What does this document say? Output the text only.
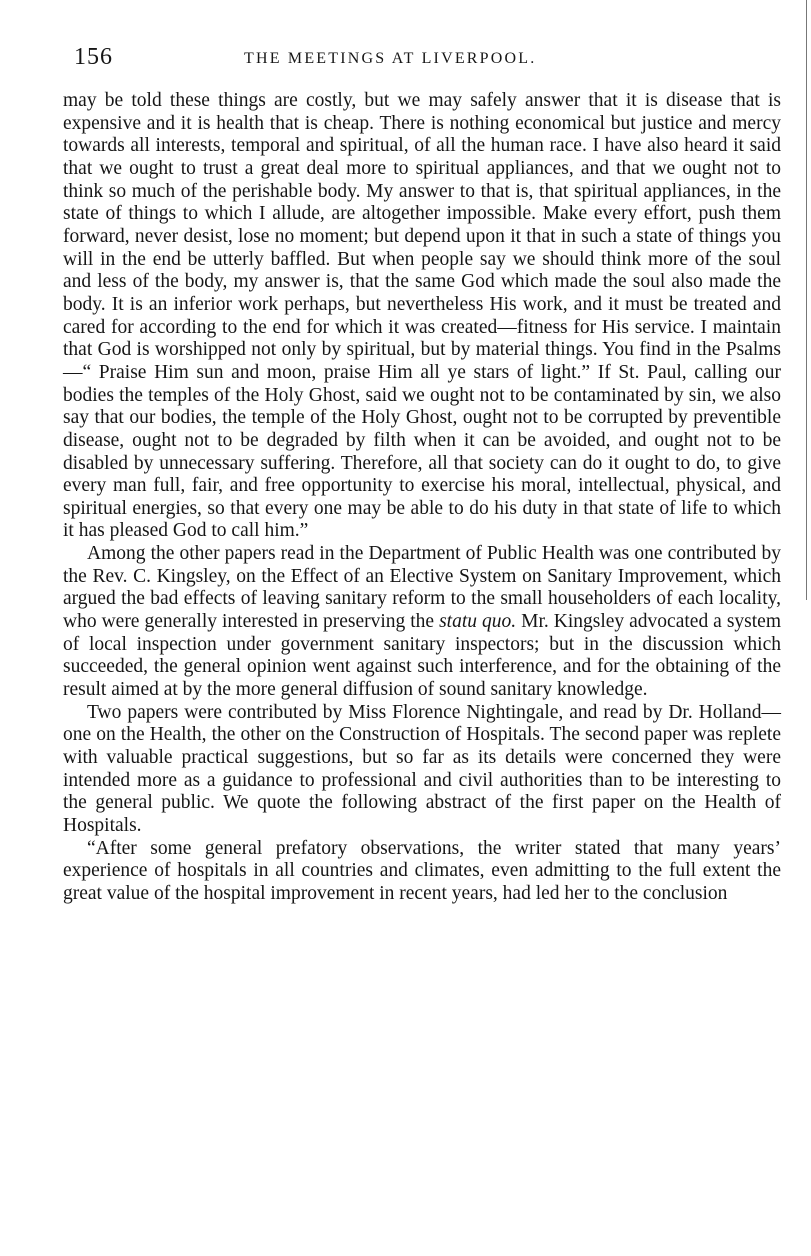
156	THE MEETINGS AT LIVERPOOL.

may be told these things are costly, but we may safely answer that it is disease that is expensive and it is health that is cheap. There is nothing economical but justice and mercy towards all interests, temporal and spiritual, of all the human race. I have also heard it said that we ought to trust a great deal more to spiritual appliances, and that we ought not to think so much of the perishable body. My answer to that is, that spiritual appliances, in the state of things to which I allude, are altogether impossible. Make every effort, push them forward, never desist, lose no moment; but depend upon it that in such a state of things you will in the end be utterly baffled. But when people say we should think more of the soul and less of the body, my answer is, that the same God which made the soul also made the body. It is an inferior work perhaps, but nevertheless His work, and it must be treated and cared for according to the end for which it was created—fitness for His service. I maintain that God is worshipped not only by spiritual, but by material things. You find in the Psalms—“ Praise Him sun and moon, praise Him all ye stars of light.” If St. Paul, calling our bodies the temples of the Holy Ghost, said we ought not to be contaminated by sin, we also say that our bodies, the temple of the Holy Ghost, ought not to be corrupted by preventible disease, ought not to be degraded by filth when it can be avoided, and ought not to be disabled by unnecessary suffering. Therefore, all that society can do it ought to do, to give every man full, fair, and free opportunity to exercise his moral, intellectual, physical, and spiritual energies, so that every one may be able to do his duty in that state of life to which it has pleased God to call him.”

Among the other papers read in the Department of Public Health was one contributed by the Rev. C. Kingsley, on the Effect of an Elective System on Sanitary Improvement, which argued the bad effects of leaving sanitary reform to the small householders of each locality, who were generally interested in preserving the statu quo. Mr. Kingsley advocated a system of local inspection under government sanitary inspectors; but in the discussion which succeeded, the general opinion went against such interference, and for the obtaining of the result aimed at by the more general diffusion of sound sanitary knowledge.

Two papers were contributed by Miss Florence Nightingale, and read by Dr. Holland—one on the Health, the other on the Construction of Hospitals. The second paper was replete with valuable practical suggestions, but so far as its details were concerned they were intended more as a guidance to professional and civil authorities than to be interesting to the general public. We quote the following abstract of the first paper on the Health of Hospitals.

“After some general prefatory observations, the writer stated that many years’ experience of hospitals in all countries and climates, even admitting to the full extent the great value of the hospital improvement in recent years, had led her to the conclusion
